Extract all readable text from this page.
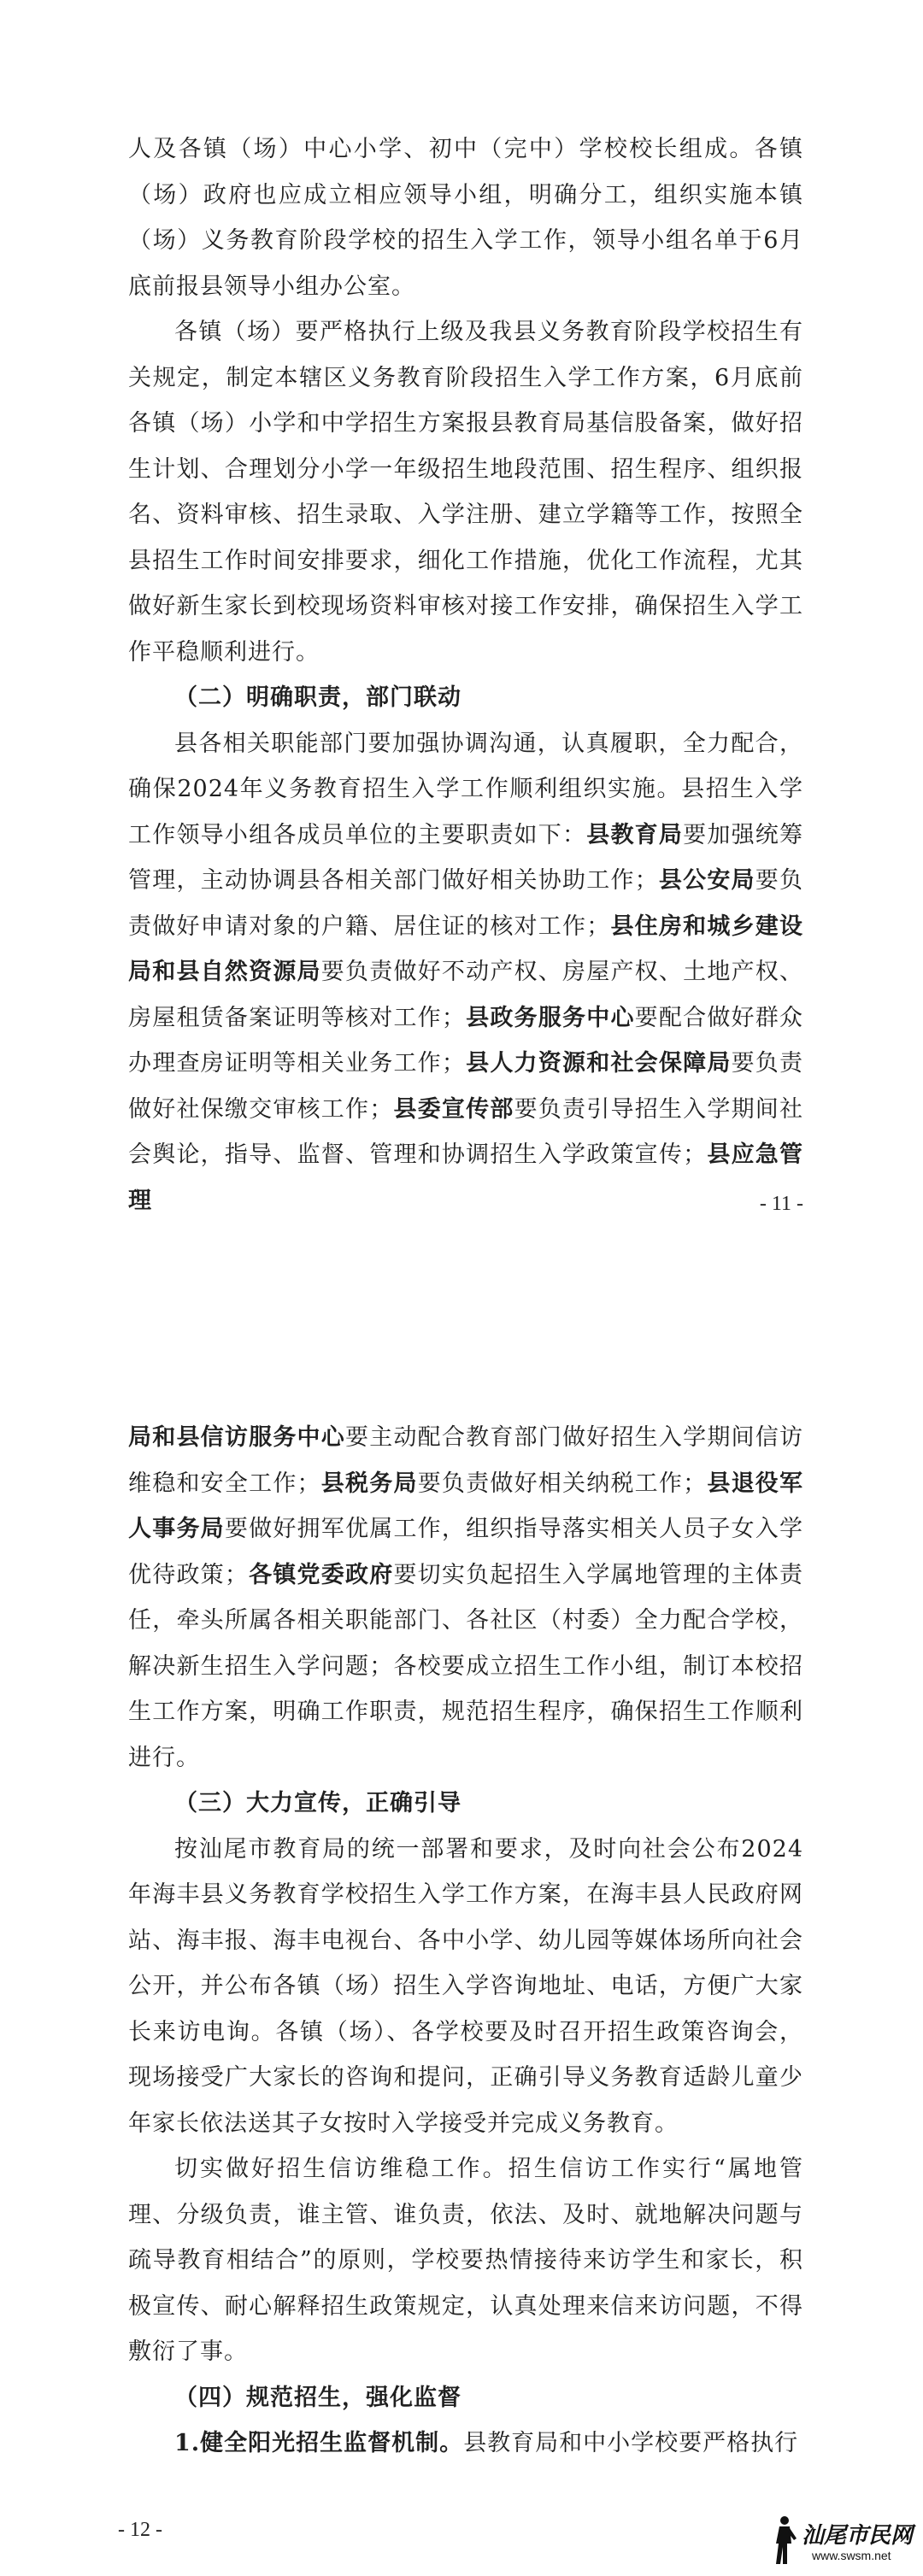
人及各镇（场）中心小学、初中（完中）学校校长组成。各镇（场）政府也应成立相应领导小组，明确分工，组织实施本镇（场）义务教育阶段学校的招生入学工作，领导小组名单于6月底前报县领导小组办公室。

各镇（场）要严格执行上级及我县义务教育阶段学校招生有关规定，制定本辖区义务教育阶段招生入学工作方案，6月底前各镇（场）小学和中学招生方案报县教育局基信股备案，做好招生计划、合理划分小学一年级招生地段范围、招生程序、组织报名、资料审核、招生录取、入学注册、建立学籍等工作，按照全县招生工作时间安排要求，细化工作措施，优化工作流程，尤其做好新生家长到校现场资料审核对接工作安排，确保招生入学工作平稳顺利进行。

（二）明确职责，部门联动

县各相关职能部门要加强协调沟通，认真履职，全力配合，确保2024年义务教育招生入学工作顺利组织实施。县招生入学工作领导小组各成员单位的主要职责如下：县教育局要加强统筹管理，主动协调县各相关部门做好相关协助工作；县公安局要负责做好申请对象的户籍、居住证的核对工作；县住房和城乡建设局和县自然资源局要负责做好不动产权、房屋产权、土地产权、房屋租赁备案证明等核对工作；县政务服务中心要配合做好群众办理查房证明等相关业务工作；县人力资源和社会保障局要负责做好社保缴交审核工作；县委宣传部要负责引导招生入学期间社会舆论，指导、监督、管理和协调招生入学政策宣传；县应急管理	- 11 -

局和县信访服务中心要主动配合教育部门做好招生入学期间信访维稳和安全工作；县税务局要负责做好相关纳税工作；县退役军人事务局要做好拥军优属工作，组织指导落实相关人员子女入学优待政策；各镇党委政府要切实负起招生入学属地管理的主体责任，牵头所属各相关职能部门、各社区（村委）全力配合学校，解决新生招生入学问题；各校要成立招生工作小组，制订本校招生工作方案，明确工作职责，规范招生程序，确保招生工作顺利进行。

（三）大力宣传，正确引导

按汕尾市教育局的统一部署和要求，及时向社会公布2024年海丰县义务教育学校招生入学工作方案，在海丰县人民政府网站、海丰报、海丰电视台、各中小学、幼儿园等媒体场所向社会公开，并公布各镇（场）招生入学咨询地址、电话，方便广大家长来访电询。各镇（场）、各学校要及时召开招生政策咨询会，现场接受广大家长的咨询和提问，正确引导义务教育适龄儿童少年家长依法送其子女按时入学接受并完成义务教育。

切实做好招生信访维稳工作。招生信访工作实行“属地管理、分级负责，谁主管、谁负责，依法、及时、就地解决问题与疏导教育相结合”的原则，学校要热情接待来访学生和家长，积极宣传、耐心解释招生政策规定，认真处理来信来访问题，不得敷衍了事。

（四）规范招生，强化监督

1.健全阳光招生监督机制。县教育局和中小学校要严格执行

- 12 -	汕尾市民网
www.swsm.net
